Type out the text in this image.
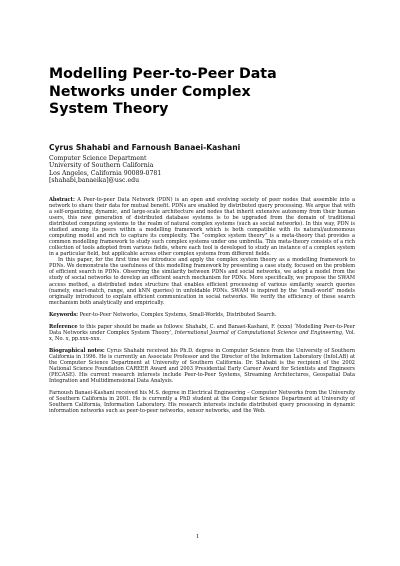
Modelling Peer-to-Peer Data
Networks under Complex
System Theory
Cyrus Shahabi and Farnoush Banaei-Kashani
Computer Science Department
University of Southern California
Los Angeles, California 90089-0781
[shahabi,banaeika]@usc.edu

Abstract: A Peer-to-peer Data Network (PDN) is an open and evolving society of peer nodes that assemble into a network to share their data for mutual benefit. PDNs are enabled by distributed query processing. We argue that with a self-organizing, dynamic, and large-scale architecture and nodes that inherit extensive autonomy from their human users, this new generation of distributed database systems is to be upgraded from the domain of traditional distributed computing systems to the realm of natural complex systems (such as social networks). In this way, PDN is studied among its peers within a modelling framework which is both compatible with its natural/autonomous computing model and rich to capture its complexity. The “complex system theory” is a meta-theory that provides a common modelling framework to study such complex systems under one umbrella. This meta-theory consists of a rich collection of tools adopted from various fields, where each tool is developed to study an instance of a complex system in a particular field, but applicable across other complex systems from different fields.

In this paper, for the first time we introduce and apply the complex system theory as a modelling framework to PDNs. We demonstrate the usefulness of this modelling framework by presenting a case study, focused on the problem of efficient search in PDNs. Observing the similarity between PDNs and social networks, we adopt a model from the study of social networks to develop an efficient search mechanism for PDNs. More specifically, we propose the SWAM access method, a distributed index structure that enables efficient processing of various similarity search queries (namely, exact-match, range, and kNN queries) in unfoldable PDNs. SWAM is inspired by the “small-world” models originally introduced to explain efficient communication in social networks. We verify the efficiency of these search mechanism both analytically and empirically.

Keywords: Peer-to-Peer Networks, Complex Systems, Small-Worlds, Distributed Search.

Reference to this paper should be made as follows: Shahabi, C. and Banaei-Kashani, F. (xxxx) ‘Modelling Peer-to-Peer Data Networks under Complex System Theory’, International Journal of Computational Science and Engineering, Vol. x, No. x, pp.xxx–xxx.

Biographical notes: Cyrus Shahabi received his Ph.D. degree in Computer Science from the University of Southern California in 1996. He is currently an Associate Professor and the Director of the Information Laboratory (InfoLAB) at the Computer Science Department at University of Southern California. Dr. Shahabi is the recipient of the 2002 National Science Foundation CAREER Award and 2003 Presidential Early Career Award for Scientists and Engineers (PECASE). His current research interests include Peer-to-Peer Systems, Streaming Architectures, Geospatial Data Integration and Multidimensional Data Analysis.

Farnoush Banaei-Kashani received his M.S. degree in Electrical Engineering – Computer Networks from the University of Southern California in 2001. He is currently a PhD student at the Computer Science Department at University of Southern California, Information Laboratory. His research interests include distributed query processing in dynamic information networks such as peer-to-peer networks, sensor networks, and the Web.

1
